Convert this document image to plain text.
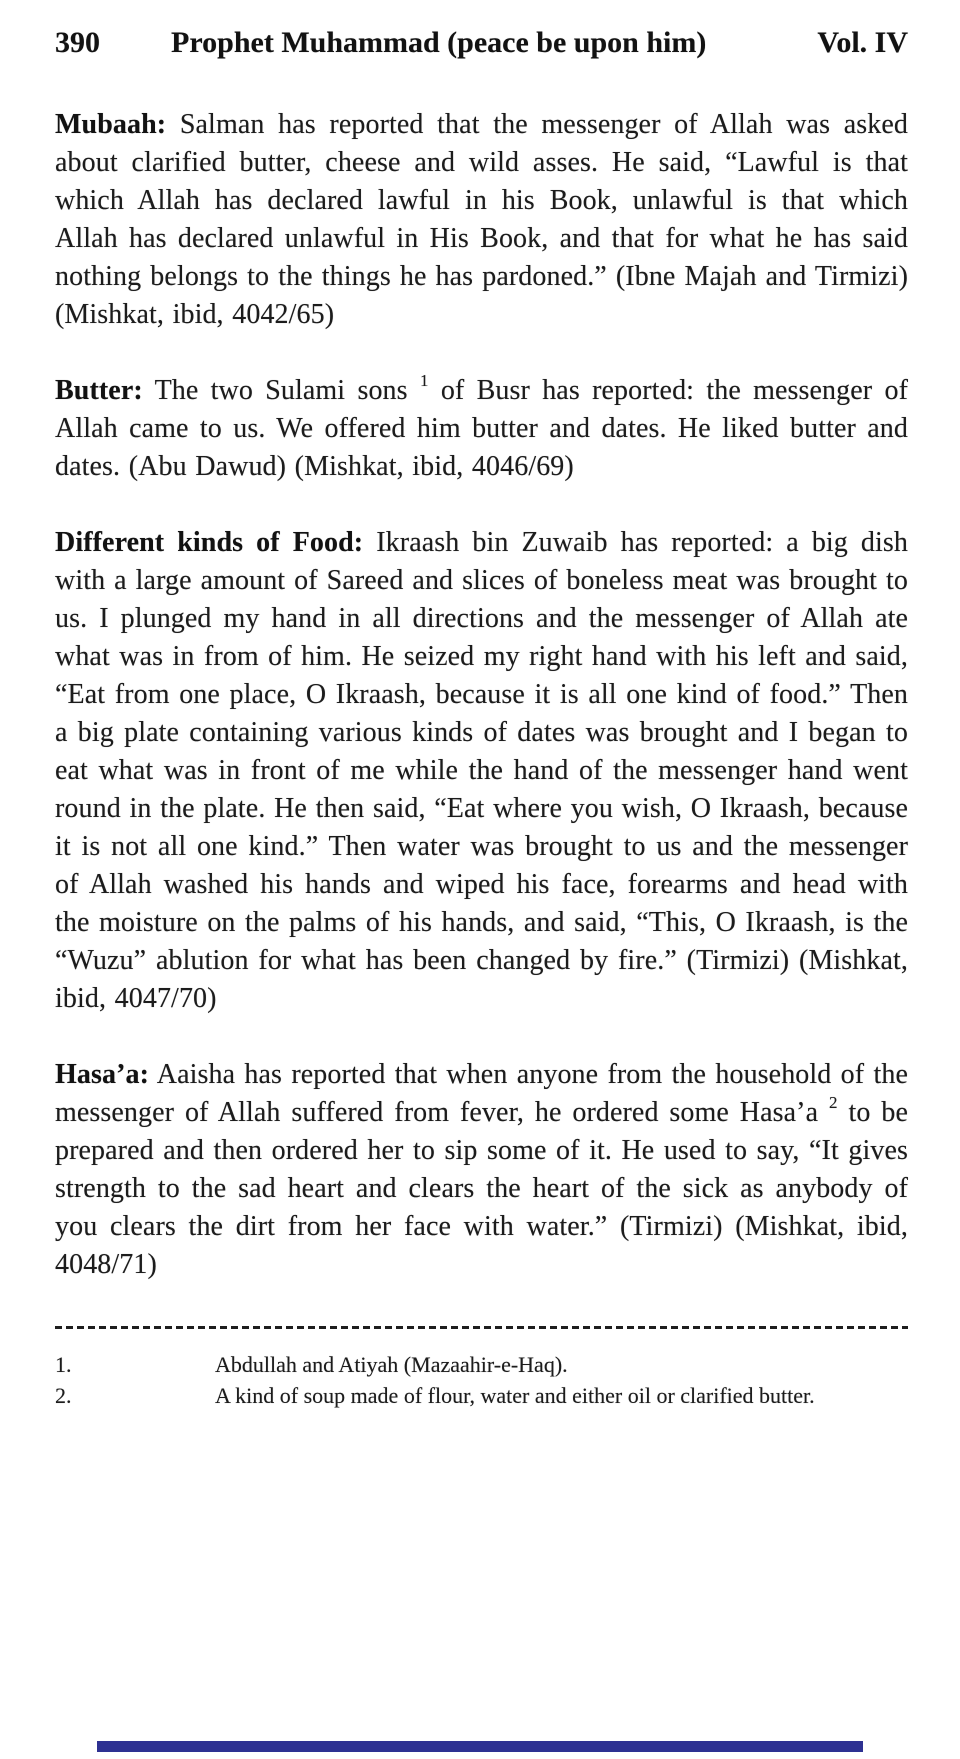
390	Prophet Muhammad (peace be upon him)	Vol. IV

Mubaah: Salman has reported that the messenger of Allah was asked about clarified butter, cheese and wild asses. He said, “Lawful is that which Allah has declared lawful in his Book, unlawful is that which Allah has declared unlawful in His Book, and that for what he has said nothing belongs to the things he has pardoned.” (Ibne Majah and Tirmizi) (Mishkat, ibid, 4042/65)

Butter: The two Sulami sons $^1$ of Busr has reported: the messenger of Allah came to us. We offered him butter and dates. He liked butter and dates. (Abu Dawud) (Mishkat, ibid, 4046/69)

Different kinds of Food: Ikraash bin Zuwaib has reported: a big dish with a large amount of Sareed and slices of boneless meat was brought to us. I plunged my hand in all directions and the messenger of Allah ate what was in from of him. He seized my right hand with his left and said, “Eat from one place, O Ikraash, because it is all one kind of food.” Then a big plate containing various kinds of dates was brought and I began to eat what was in front of me while the hand of the messenger hand went round in the plate. He then said, “Eat where you wish, O Ikraash, because it is not all one kind.” Then water was brought to us and the messenger of Allah washed his hands and wiped his face, forearms and head with the moisture on the palms of his hands, and said, “This, O Ikraash, is the “Wuzu” ablution for what has been changed by fire.” (Tirmizi) (Mishkat, ibid, 4047/70)

Hasa’a: Aaisha has reported that when anyone from the household of the messenger of Allah suffered from fever, he ordered some Hasa’a $^2$ to be prepared and then ordered her to sip some of it. He used to say, “It gives strength to the sad heart and clears the heart of the sick as anybody of you clears the dirt from her face with water.” (Tirmizi) (Mishkat, ibid, 4048/71)

1.	Abdullah and Atiyah (Mazaahir-e-Haq).
2.	A kind of soup made of flour, water and either oil or clarified butter.
